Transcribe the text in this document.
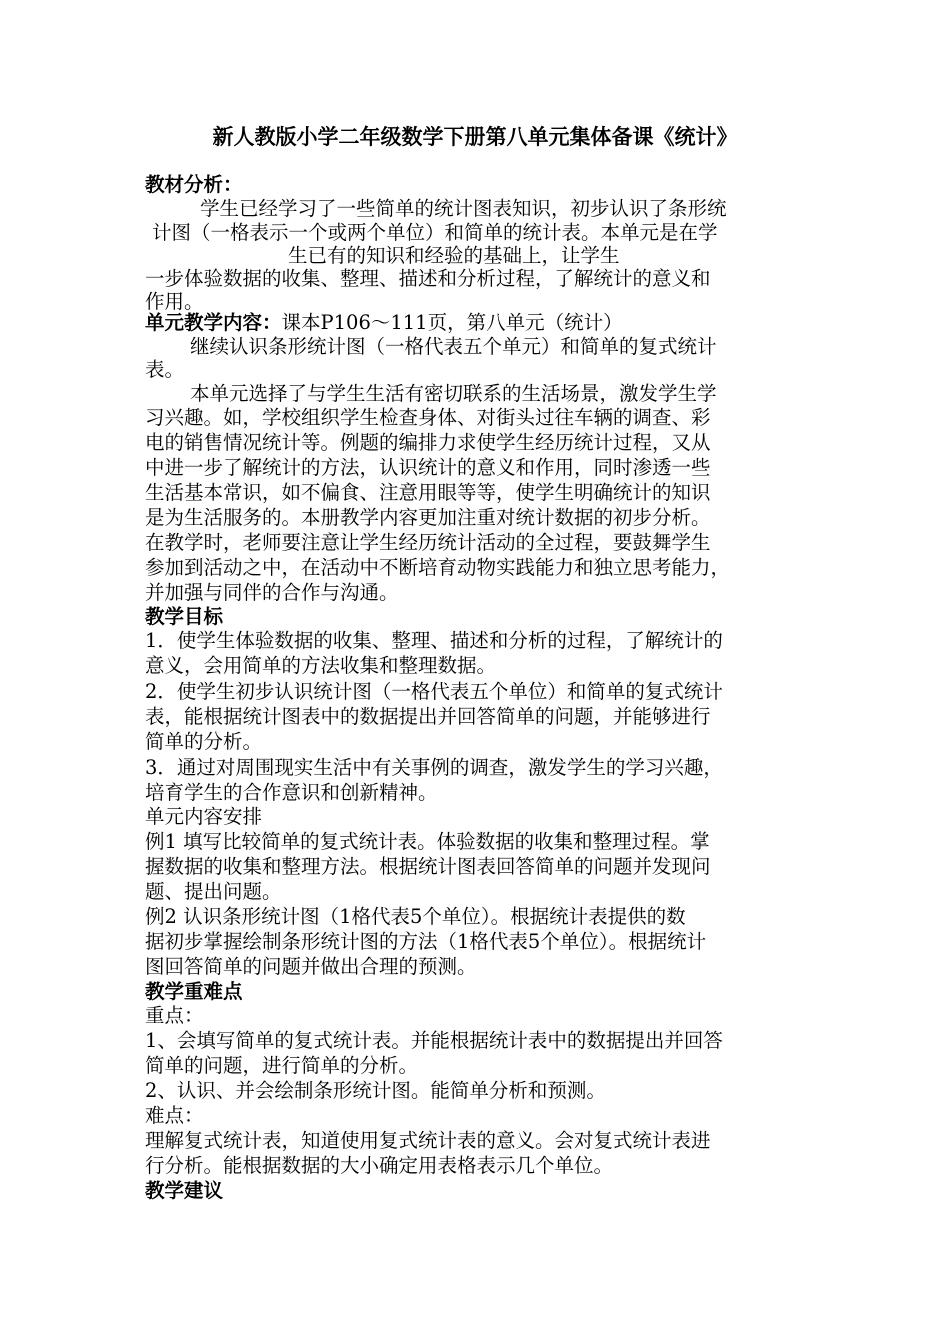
新人教版小学二年级数学下册第八单元集体备课《统计》
教材分析：
学生已经学习了一些简单的统计图表知识，初步认识了条形统
计图（一格表示一个或两个单位）和简单的统计表。本单元是在学
生已有的知识和经验的基础上，让学生
一步体验数据的收集、整理、描述和分析过程，了解统计的意义和
作用。
单元教学内容：课本P106～111页，第八单元（统计）
继续认识条形统计图（一格代表五个单元）和简单的复式统计
表。
本单元选择了与学生生活有密切联系的生活场景，激发学生学
习兴趣。如，学校组织学生检查身体、对街头过往车辆的调查、彩
电的销售情况统计等。例题的编排力求使学生经历统计过程，又从
中进一步了解统计的方法，认识统计的意义和作用，同时渗透一些
生活基本常识，如不偏食、注意用眼等等，使学生明确统计的知识
是为生活服务的。本册教学内容更加注重对统计数据的初步分析。
在教学时，老师要注意让学生经历统计活动的全过程，要鼓舞学生
参加到活动之中，在活动中不断培育动物实践能力和独立思考能力，
并加强与同伴的合作与沟通。
教学目标
1．使学生体验数据的收集、整理、描述和分析的过程，了解统计的
意义，会用简单的方法收集和整理数据。
2．使学生初步认识统计图（一格代表五个单位）和简单的复式统计
表，能根据统计图表中的数据提出并回答简单的问题，并能够进行
简单的分析。
3．通过对周围现实生活中有关事例的调查，激发学生的学习兴趣，
培育学生的合作意识和创新精神。
单元内容安排
例1 填写比较简单的复式统计表。体验数据的收集和整理过程。掌
握数据的收集和整理方法。根据统计图表回答简单的问题并发现问
题、提出问题。
例2 认识条形统计图（1格代表5个单位）。根据统计表提供的数
据初步掌握绘制条形统计图的方法（1格代表5个单位）。根据统计
图回答简单的问题并做出合理的预测。
教学重难点
重点：
1、会填写简单的复式统计表。并能根据统计表中的数据提出并回答
简单的问题，进行简单的分析。
2、认识、并会绘制条形统计图。能简单分析和预测。
难点：
理解复式统计表，知道使用复式统计表的意义。会对复式统计表进
行分析。能根据数据的大小确定用表格表示几个单位。
教学建议
